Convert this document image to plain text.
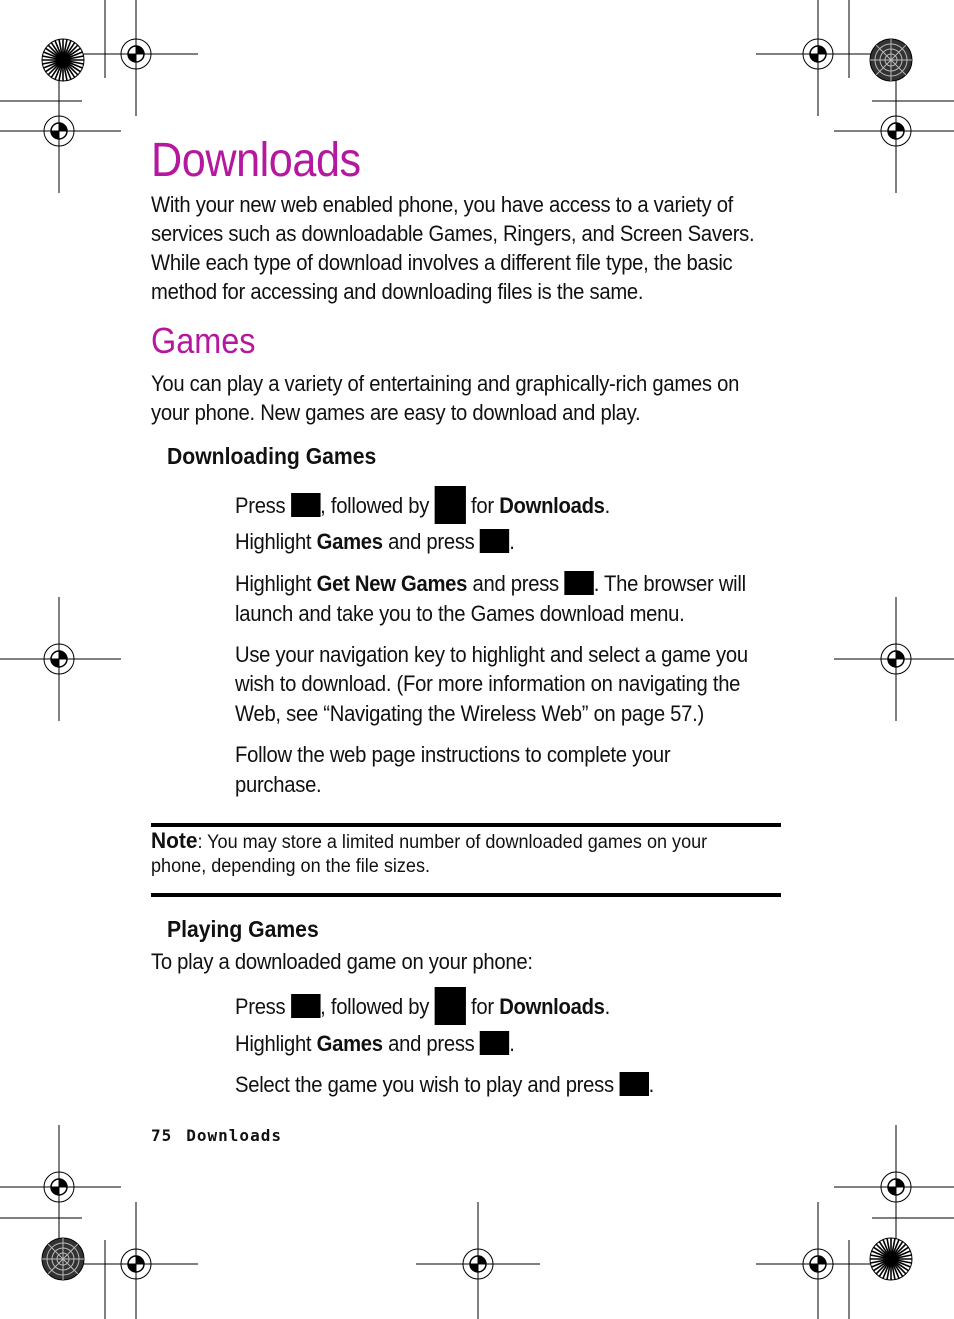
Downloads

With your new web enabled phone, you have access to a variety of

services such as downloadable Games, Ringers, and Screen Savers.

While each type of download involves a different file type, the basic

method for accessing and downloading files is the same.

Games

You can play a variety of entertaining and graphically-rich games on

your phone. New games are easy to download and play.

Downloading Games

Press , followed by for Downloads.

Highlight Games and press .

Highlight Get New Games and press . The browser will

launch and take you to the Games download menu.

Use your navigation key to highlight and select a game you

wish to download. (For more information on navigating the

Web, see “Navigating the Wireless Web” on page 57.)

Follow the web page instructions to complete your

purchase.

Note: You may store a limited number of downloaded games on your
phone, depending on the file sizes.

Playing Games

To play a downloaded game on your phone:

Press , followed by for Downloads.

Highlight Games and press .

Select the game you wish to play and press .

75 Downloads
